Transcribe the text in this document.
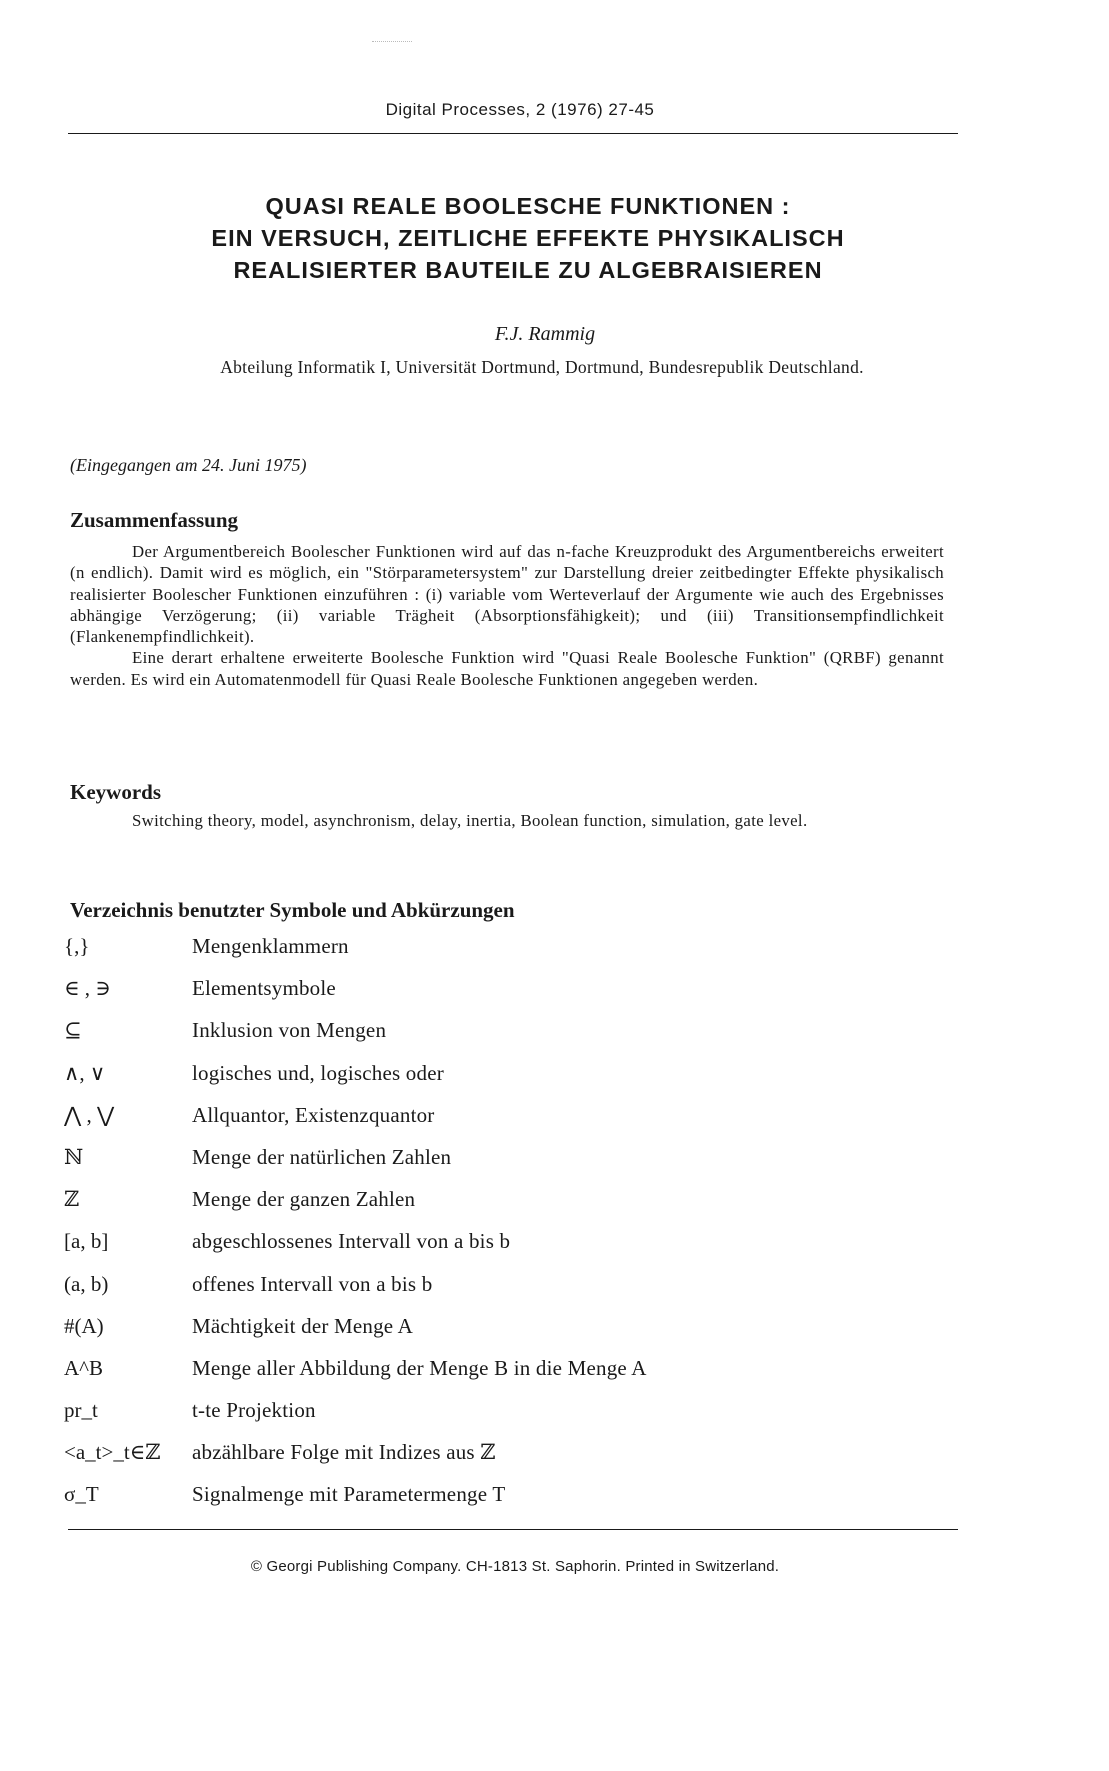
Digital Processes, 2 (1976) 27-45
QUASI REALE BOOLESCHE FUNKTIONEN :
EIN VERSUCH, ZEITLICHE EFFEKTE PHYSIKALISCH
REALISIERTER BAUTEILE ZU ALGEBRAISIEREN
F.J. Rammig
Abteilung Informatik I, Universität Dortmund, Dortmund, Bundesrepublik Deutschland.
(Eingegangen am 24. Juni 1975)
Zusammenfassung

Der Argumentbereich Boolescher Funktionen wird auf das n-fache Kreuzprodukt des Argumentbereichs erweitert (n endlich). Damit wird es möglich, ein "Störparametersystem" zur Darstellung dreier zeitbedingter Effekte physikalisch realisierter Boolescher Funktionen einzuführen : (i) variable vom Werteverlauf der Argumente wie auch des Ergebnisses abhängige Verzögerung; (ii) variable Trägheit (Absorptionsfähigkeit); und (iii) Transitionsempfindlichkeit (Flankenempfindlichkeit).

Eine derart erhaltene erweiterte Boolesche Funktion wird "Quasi Reale Boolesche Funktion" (QRBF) genannt werden. Es wird ein Automatenmodell für Quasi Reale Boolesche Funktionen angegeben werden.

Keywords

Switching theory, model, asynchronism, delay, inertia, Boolean function, simulation, gate level.

Verzeichnis benutzter Symbole und Abkürzungen
{,}	Mengenklammern
∈ , ∋	Elementsymbole
⊆	Inklusion von Mengen
∧, ∨	logisches und, logisches oder
⋀ , ⋁	Allquantor, Existenzquantor
ℕ	Menge der natürlichen Zahlen
ℤ	Menge der ganzen Zahlen
[a, b]	abgeschlossenes Intervall von a bis b
(a, b)	offenes Intervall von a bis b
#(A)	Mächtigkeit der Menge A
A^B	Menge aller Abbildung der Menge B in die Menge A
pr_t	t-te Projektion
<a_t>_t∈ℤ	abzählbare Folge mit Indizes aus ℤ
σ_T	Signalmenge mit Parametermenge T
© Georgi Publishing Company. CH-1813 St. Saphorin. Printed in Switzerland.
